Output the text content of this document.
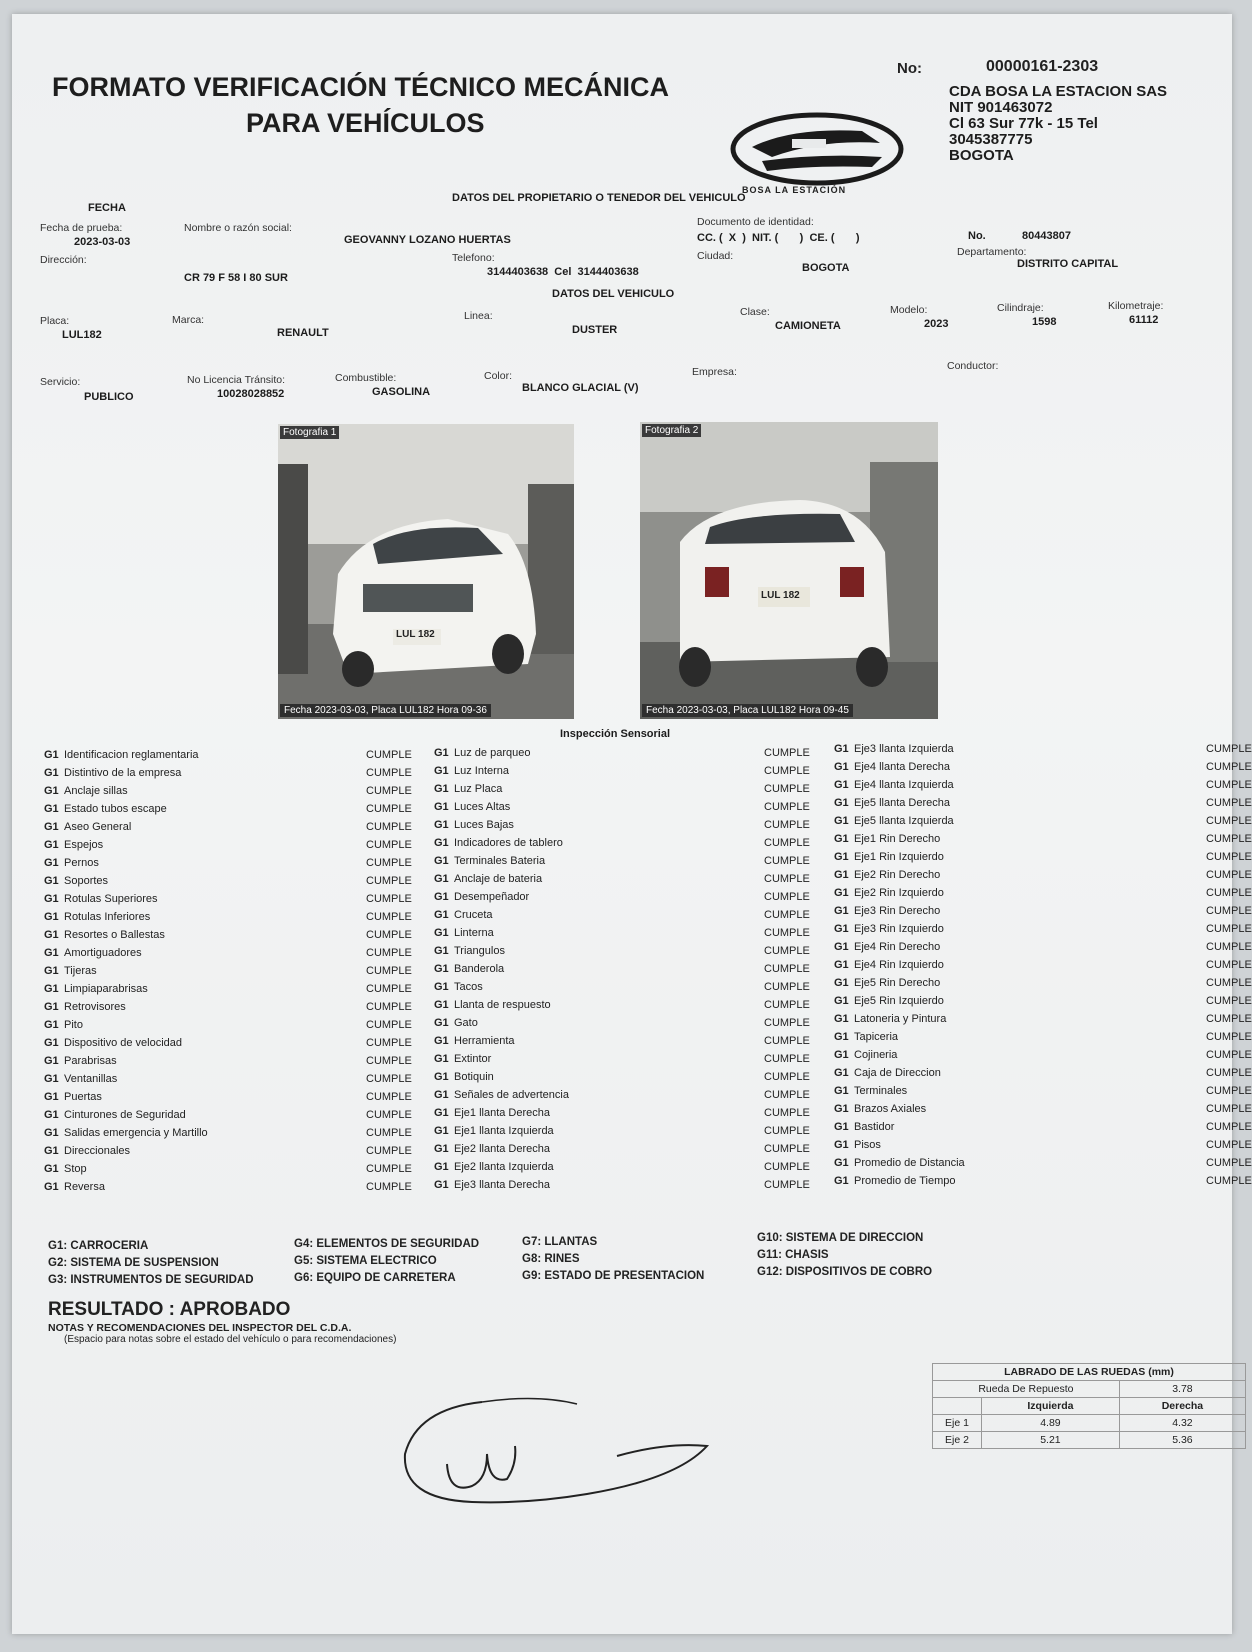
FORMATO VERIFICACIÓN TÉCNICO MECÁNICA
PARA VEHÍCULOS
No:	00000161-2303
CDA BOSA LA ESTACION SAS
NIT 901463072
Cl 63 Sur 77k - 15 Tel
3045387775
BOGOTA
BOSA LA ESTACIÓN
DATOS DEL PROPIETARIO O TENEDOR DEL VEHICULO
FECHA
Fecha de prueba:
2023-03-03
Nombre o razón social:
GEOVANNY LOZANO HUERTAS
Documento de identidad:
CC. (  X  )  NIT. (       )  CE. (       )	No.	80443807
Dirección:
CR 79 F 58 I 80 SUR
Telefono:
3144403638  Cel  3144403638
Ciudad:
BOGOTA
Departamento:
DISTRITO CAPITAL
DATOS DEL VEHICULO
Placa:
LUL182
Marca:
RENAULT
Linea:
DUSTER
Clase:
CAMIONETA
Modelo:
2023
Cilindraje:
1598
Kilometraje:
61112
Servicio:
PUBLICO
No Licencia Tránsito:
10028028852
Combustible:
GASOLINA
Color:
BLANCO GLACIAL (V)
Empresa:	Conductor:
LUL 182
Fotografia 1
Fecha 2023-03-03, Placa LUL182 Hora 09-36
LUL 182
Fotografia 2
Fecha 2023-03-03, Placa LUL182 Hora 09-45
Inspección Sensorial
G1 Identificacion reglamentaria	CUMPLE
G1 Distintivo de la empresa	CUMPLE
G1 Anclaje sillas	CUMPLE
G1 Estado tubos escape	CUMPLE
G1 Aseo General	CUMPLE
G1 Espejos	CUMPLE
G1 Pernos	CUMPLE
G1 Soportes	CUMPLE
G1 Rotulas Superiores	CUMPLE
G1 Rotulas Inferiores	CUMPLE
G1 Resortes o Ballestas	CUMPLE
G1 Amortiguadores	CUMPLE
G1 Tijeras	CUMPLE
G1 Limpiaparabrisas	CUMPLE
G1 Retrovisores	CUMPLE
G1 Pito	CUMPLE
G1 Dispositivo de velocidad	CUMPLE
G1 Parabrisas	CUMPLE
G1 Ventanillas	CUMPLE
G1 Puertas	CUMPLE
G1 Cinturones de Seguridad	CUMPLE
G1 Salidas emergencia y Martillo	CUMPLE
G1 Direccionales	CUMPLE
G1 Stop	CUMPLE
G1 Reversa	CUMPLE
G1 Luz de parqueo	CUMPLE
G1 Luz Interna	CUMPLE
G1 Luz Placa	CUMPLE
G1 Luces Altas	CUMPLE
G1 Luces Bajas	CUMPLE
G1 Indicadores de tablero	CUMPLE
G1 Terminales Bateria	CUMPLE
G1 Anclaje de bateria	CUMPLE
G1 Desempeñador	CUMPLE
G1 Cruceta	CUMPLE
G1 Linterna	CUMPLE
G1 Triangulos	CUMPLE
G1 Banderola	CUMPLE
G1 Tacos	CUMPLE
G1 Llanta de respuesto	CUMPLE
G1 Gato	CUMPLE
G1 Herramienta	CUMPLE
G1 Extintor	CUMPLE
G1 Botiquin	CUMPLE
G1 Señales de advertencia	CUMPLE
G1 Eje1 llanta Derecha	CUMPLE
G1 Eje1 llanta Izquierda	CUMPLE
G1 Eje2 llanta Derecha	CUMPLE
G1 Eje2 llanta Izquierda	CUMPLE
G1 Eje3 llanta Derecha	CUMPLE
G1 Eje3 llanta Izquierda	CUMPLE
G1 Eje4 llanta Derecha	CUMPLE
G1 Eje4 llanta Izquierda	CUMPLE
G1 Eje5 llanta Derecha	CUMPLE
G1 Eje5 llanta Izquierda	CUMPLE
G1 Eje1 Rin Derecho	CUMPLE
G1 Eje1 Rin Izquierdo	CUMPLE
G1 Eje2 Rin Derecho	CUMPLE
G1 Eje2 Rin Izquierdo	CUMPLE
G1 Eje3 Rin Derecho	CUMPLE
G1 Eje3 Rin Izquierdo	CUMPLE
G1 Eje4 Rin Derecho	CUMPLE
G1 Eje4 Rin Izquierdo	CUMPLE
G1 Eje5 Rin Derecho	CUMPLE
G1 Eje5 Rin Izquierdo	CUMPLE
G1 Latoneria y Pintura	CUMPLE
G1 Tapiceria	CUMPLE
G1 Cojineria	CUMPLE
G1 Caja de Direccion	CUMPLE
G1 Terminales	CUMPLE
G1 Brazos Axiales	CUMPLE
G1 Bastidor	CUMPLE
G1 Pisos	CUMPLE
G1 Promedio de Distancia	CUMPLE
G1 Promedio de Tiempo	CUMPLE
G1: CARROCERIA
G2: SISTEMA DE SUSPENSION
G3: INSTRUMENTOS DE SEGURIDAD
G4: ELEMENTOS DE SEGURIDAD
G5: SISTEMA ELECTRICO
G6: EQUIPO DE CARRETERA
G7: LLANTAS
G8: RINES
G9: ESTADO DE PRESENTACION
G10: SISTEMA DE DIRECCION
G11: CHASIS
G12: DISPOSITIVOS DE COBRO
RESULTADO : APROBADO
NOTAS Y RECOMENDACIONES DEL INSPECTOR DEL C.D.A.
(Espacio para notas sobre el estado del vehículo o para recomendaciones)
LABRADO DE LAS RUEDAS (mm)		
Rueda De Repuesto		3.78
	Izquierda	Derecha
Eje 1	4.89	4.32
Eje 2	5.21	5.36
